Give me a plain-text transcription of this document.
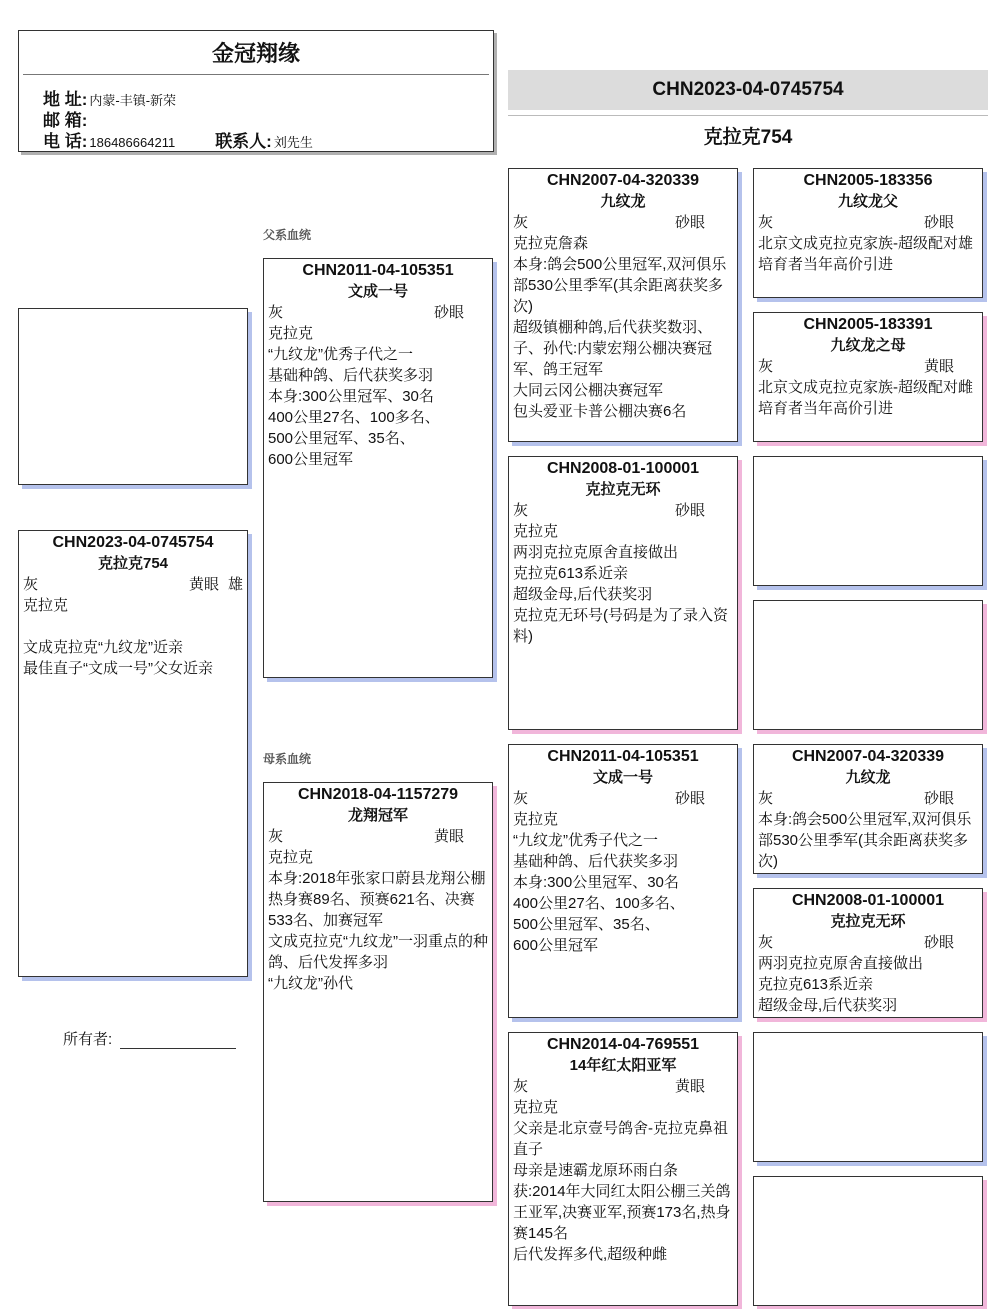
金冠翔缘
地 址: 内蒙-丰镇-新荣
邮 箱:
电 话: 186486664211 联系人: 刘先生
CHN2023-04-0745754
克拉克754
CHN2023-04-0745754
克拉克754
灰	黄眼 雄
克拉克

文成克拉克“九纹龙”近亲
最佳直子“文成一号”父女近亲
所有者:
父系血统
母系血统
CHN2011-04-105351
文成一号
灰	砂眼
克拉克
“九纹龙”优秀子代之一
基础种鸽、后代获奖多羽
本身:300公里冠军、30名
400公里27名、100多名、
500公里冠军、35名、
600公里冠军
CHN2018-04-1157279
龙翔冠军
灰	黄眼
克拉克
本身:2018年张家口蔚县龙翔公棚热身赛89名、预赛621名、决赛533名、加赛冠军
文成克拉克“九纹龙”一羽重点的种鸽、后代发挥多羽
“九纹龙”孙代
CHN2007-04-320339
九纹龙
灰	砂眼
克拉克詹森
本身:鸽会500公里冠军,双河俱乐部530公里季军(其余距离获奖多次)
超级镇棚种鸽,后代获奖数羽、
子、孙代:内蒙宏翔公棚决赛冠军、鸽王冠军
大同云冈公棚决赛冠军
包头爱亚卡普公棚决赛6名
CHN2008-01-100001
克拉克无环
灰	砂眼
克拉克
两羽克拉克原舍直接做出
克拉克613系近亲
超级金母,后代获奖羽
克拉克无环号(号码是为了录入资料)
CHN2011-04-105351
文成一号
灰	砂眼
克拉克
“九纹龙”优秀子代之一
基础种鸽、后代获奖多羽
本身:300公里冠军、30名
400公里27名、100多名、
500公里冠军、35名、
600公里冠军
CHN2014-04-769551
14年红太阳亚军
灰	黄眼
克拉克
父亲是北京壹号鸽舍-克拉克鼻祖直子
母亲是速霸龙原环雨白条
获:2014年大同红太阳公棚三关鸽王亚军,决赛亚军,预赛173名,热身赛145名
后代发挥多代,超级种雌
CHN2005-183356
九纹龙父
灰	砂眼
北京文成克拉克家族-超级配对雄
培育者当年高价引进
CHN2005-183391
九纹龙之母
灰	黄眼
北京文成克拉克家族-超级配对雌
培育者当年高价引进
CHN2007-04-320339
九纹龙
灰	砂眼
本身:鸽会500公里冠军,双河俱乐部530公里季军(其余距离获奖多次)
CHN2008-01-100001
克拉克无环
灰	砂眼
两羽克拉克原舍直接做出
克拉克613系近亲
超级金母,后代获奖羽
